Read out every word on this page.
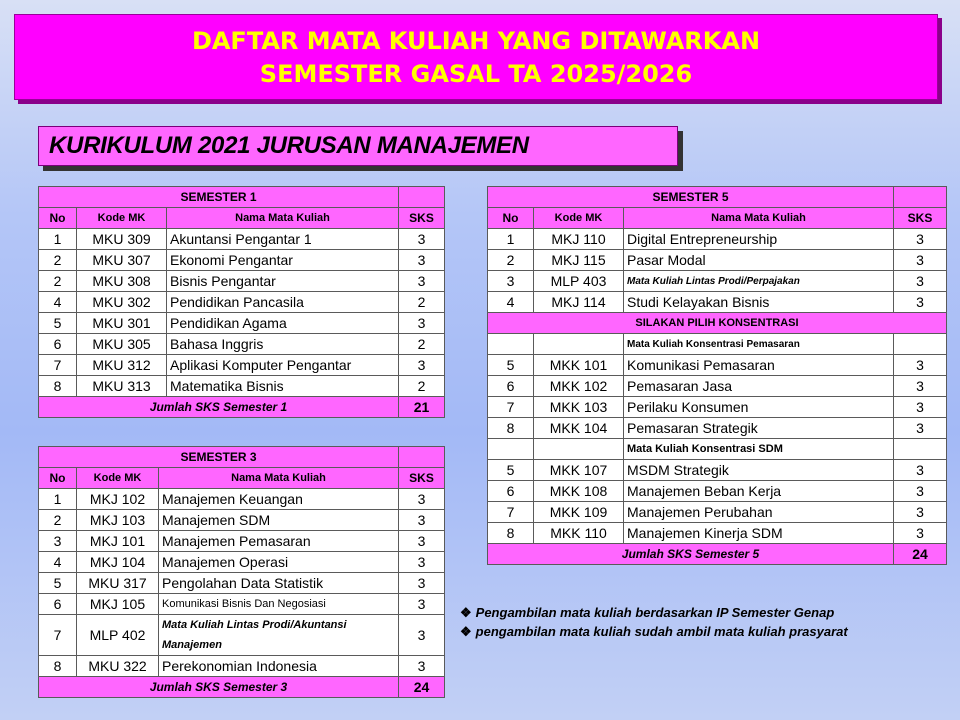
DAFTAR MATA KULIAH YANG DITAWARKAN
SEMESTER GASAL TA 2025/2026
KURIKULUM 2021 JURUSAN MANAJEMEN
SEMESTER 1			
No	Kode MK	Nama Mata Kuliah	SKS
1	MKU 309	Akuntansi Pengantar 1	3
2	MKU 307	Ekonomi Pengantar	3
2	MKU 308	Bisnis Pengantar	3
4	MKU 302	Pendidikan Pancasila	2
5	MKU 301	Pendidikan Agama	3
6	MKU 305	Bahasa Inggris	2
7	MKU 312	Aplikasi Komputer Pengantar	3
8	MKU 313	Matematika Bisnis	2
Jumlah SKS Semester 1			21
SEMESTER 3			
No	Kode MK	Nama Mata Kuliah	SKS
1	MKJ 102	Manajemen Keuangan	3
2	MKJ 103	Manajemen SDM	3
3	MKJ 101	Manajemen Pemasaran	3
4	MKJ 104	Manajemen Operasi	3
5	MKU 317	Pengolahan Data Statistik	3
6	MKJ 105	Komunikasi Bisnis Dan Negosiasi	3
7	MLP 402	Mata Kuliah Lintas Prodi/Akuntansi Manajemen	3
8	MKU 322	Perekonomian Indonesia	3
Jumlah SKS Semester 3			24
SEMESTER 5			
No	Kode MK	Nama Mata Kuliah	SKS
1	MKJ 110	Digital Entrepreneurship	3
2	MKJ 115	Pasar Modal	3
3	MLP 403	Mata Kuliah Lintas Prodi/Perpajakan	3
4	MKJ 114	Studi Kelayakan Bisnis	3
SILAKAN PILIH KONSENTRASI			
		Mata Kuliah Konsentrasi Pemasaran	
5	MKK 101	Komunikasi Pemasaran	3
6	MKK 102	Pemasaran Jasa	3
7	MKK 103	Perilaku Konsumen	3
8	MKK 104	Pemasaran Strategik	3
		Mata Kuliah Konsentrasi SDM	
5	MKK 107	MSDM Strategik	3
6	MKK 108	Manajemen Beban Kerja	3
7	MKK 109	Manajemen Perubahan	3
8	MKK 110	Manajemen Kinerja SDM	3
Jumlah SKS Semester 5			24
❖ Pengambilan mata kuliah berdasarkan IP Semester Genap
❖ pengambilan mata kuliah sudah ambil mata kuliah prasyarat
